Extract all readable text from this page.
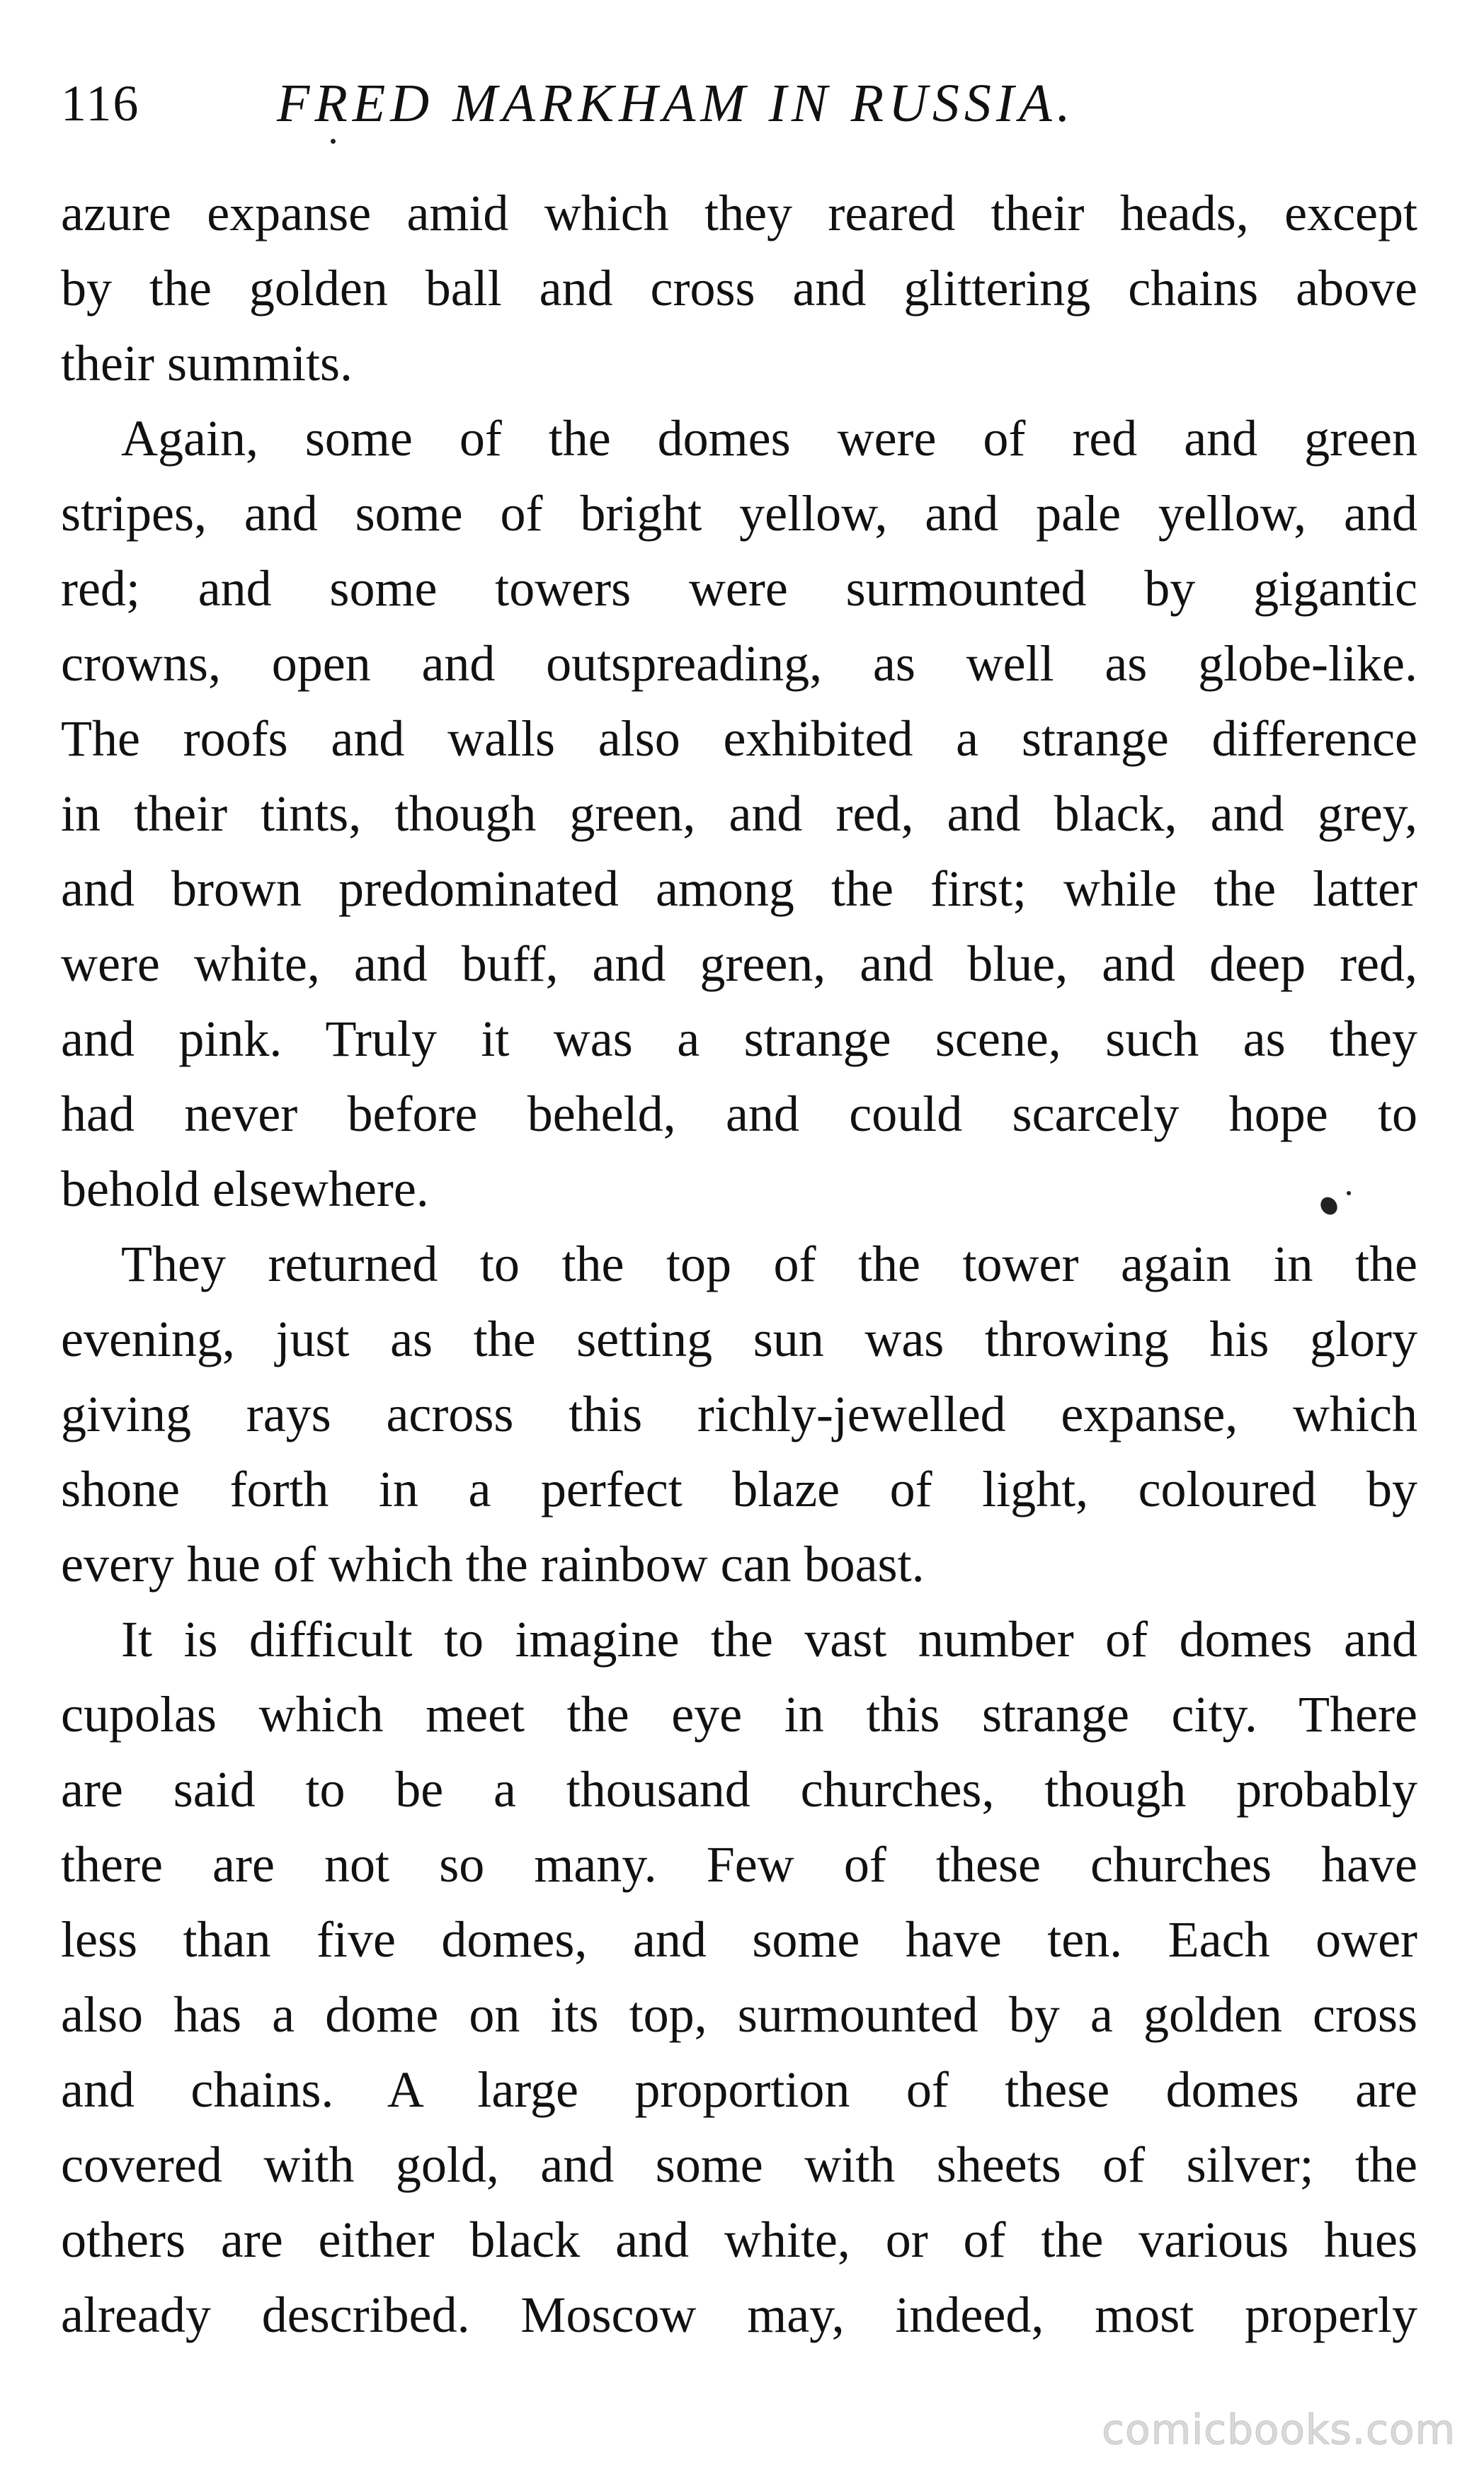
116	FRED MARKHAM IN RUSSIA.
azure expanse amid which they reared their heads, except
by the golden ball and cross and glittering chains above
their summits.
Again, some of the domes were of red and green
stripes, and some of bright yellow, and pale yellow, and
red; and some towers were surmounted by gigantic
crowns, open and outspreading, as well as globe-like.
The roofs and walls also exhibited a strange difference
in their tints, though green, and red, and black, and grey,
and brown predominated among the first; while the latter
were white, and buff, and green, and blue, and deep red,
and pink. Truly it was a strange scene, such as they
had never before beheld, and could scarcely hope to
behold elsewhere.
They returned to the top of the tower again in the
evening, just as the setting sun was throwing his glory
giving rays across this richly-jewelled expanse, which
shone forth in a perfect blaze of light, coloured by
every hue of which the rainbow can boast.
It is difficult to imagine the vast number of domes and
cupolas which meet the eye in this strange city. There
are said to be a thousand churches, though probably
there are not so many. Few of these churches have
less than five domes, and some have ten. Each ower
also has a dome on its top, surmounted by a golden cross
and chains. A large proportion of these domes are
covered with gold, and some with sheets of silver; the
others are either black and white, or of the various hues
already described. Moscow may, indeed, most properly
comicbooks.com
